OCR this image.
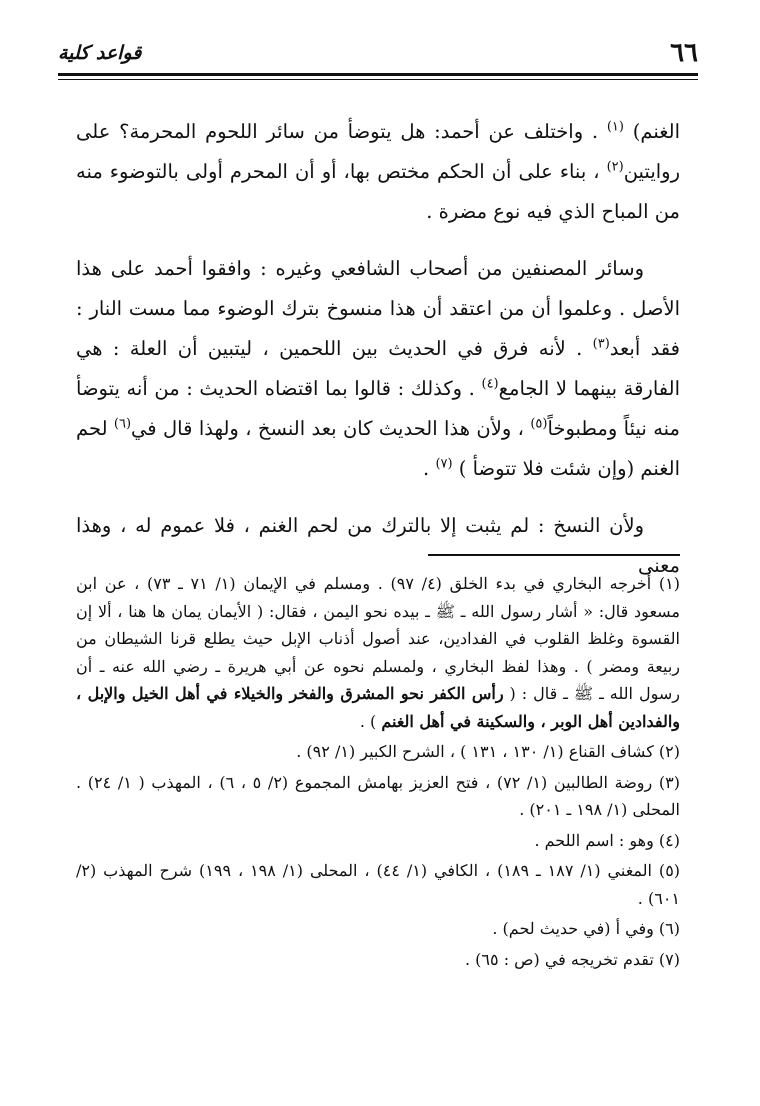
٦٦
قواعد كلية

الغنم) $^{(١)}$ . واختلف عن أحمد: هل يتوضأ من سائر اللحوم المحرمة؟ على روايتين$^{(٢)}$ ، بناء على أن الحكم مختص بها، أو أن المحرم أولى بالتوضوء منه من المباح الذي فيه نوع مضرة .

وسائر المصنفين من أصحاب الشافعي وغيره : وافقوا أحمد على هذا الأصل . وعلموا أن من اعتقد أن هذا منسوخ بترك الوضوء مما مست النار : فقد أبعد$^{(٣)}$ . لأنه فرق في الحديث بين اللحمين ، ليتبين أن العلة : هي الفارقة بينهما لا الجامع$^{(٤)}$ . وكذلك : قالوا بما اقتضاه الحديث : من أنه يتوضأ منه نيئاً ومطبوخاً$^{(٥)}$ ، ولأن هذا الحديث كان بعد النسخ ، ولهذا قال في$^{(٦)}$ لحم الغنم (وإن شئت فلا تتوضأ ) $^{(٧)}$ .

ولأن النسخ : لم يثبت إلا بالترك من لحم الغنم ، فلا عموم له ، وهذا معنى

(١) أخرجه البخاري في بدء الخلق (٤/ ٩٧) . ومسلم في الإيمان (١/ ٧١ ـ ٧٣) ، عن ابن مسعود قال: « أشار رسول الله ـ ﷺ ـ بيده نحو اليمن ، فقال: ( الأيمان يمان ها هنا ، ألا إن القسوة وغلظ القلوب في الفدادين، عند أصول أذناب الإبل حيث يطلع قرنا الشيطان من ربيعة ومضر ) . وهذا لفظ البخاري ، ولمسلم نحوه عن أبي هريرة ـ رضي الله عنه ـ أن رسول الله ـ ﷺ ـ قال : ( رأس الكفر نحو المشرق والفخر والخيلاء في أهل الخيل والإبل ، والفدادين أهل الوبر ، والسكينة في أهل الغنم ) .

(٢) كشاف القناع (١/ ١٣٠ ، ١٣١ ) ، الشرح الكبير (١/ ٩٢) .

(٣) روضة الطالبين (١/ ٧٢) ، فتح العزيز بهامش المجموع (٢/ ٥ ، ٦) ، المهذب ( ١/ ٢٤) . المحلى (١/ ١٩٨ ـ ٢٠١) .

(٤) وهو : اسم اللحم .

(٥) المغني (١/ ١٨٧ ـ ١٨٩) ، الكافي (١/ ٤٤) ، المحلى (١/ ١٩٨ ، ١٩٩) شرح المهذب (٢/ ٦٠١) .

(٦) وفي أ (في حديث لحم) .

(٧) تقدم تخريجه في (ص : ٦٥) .
